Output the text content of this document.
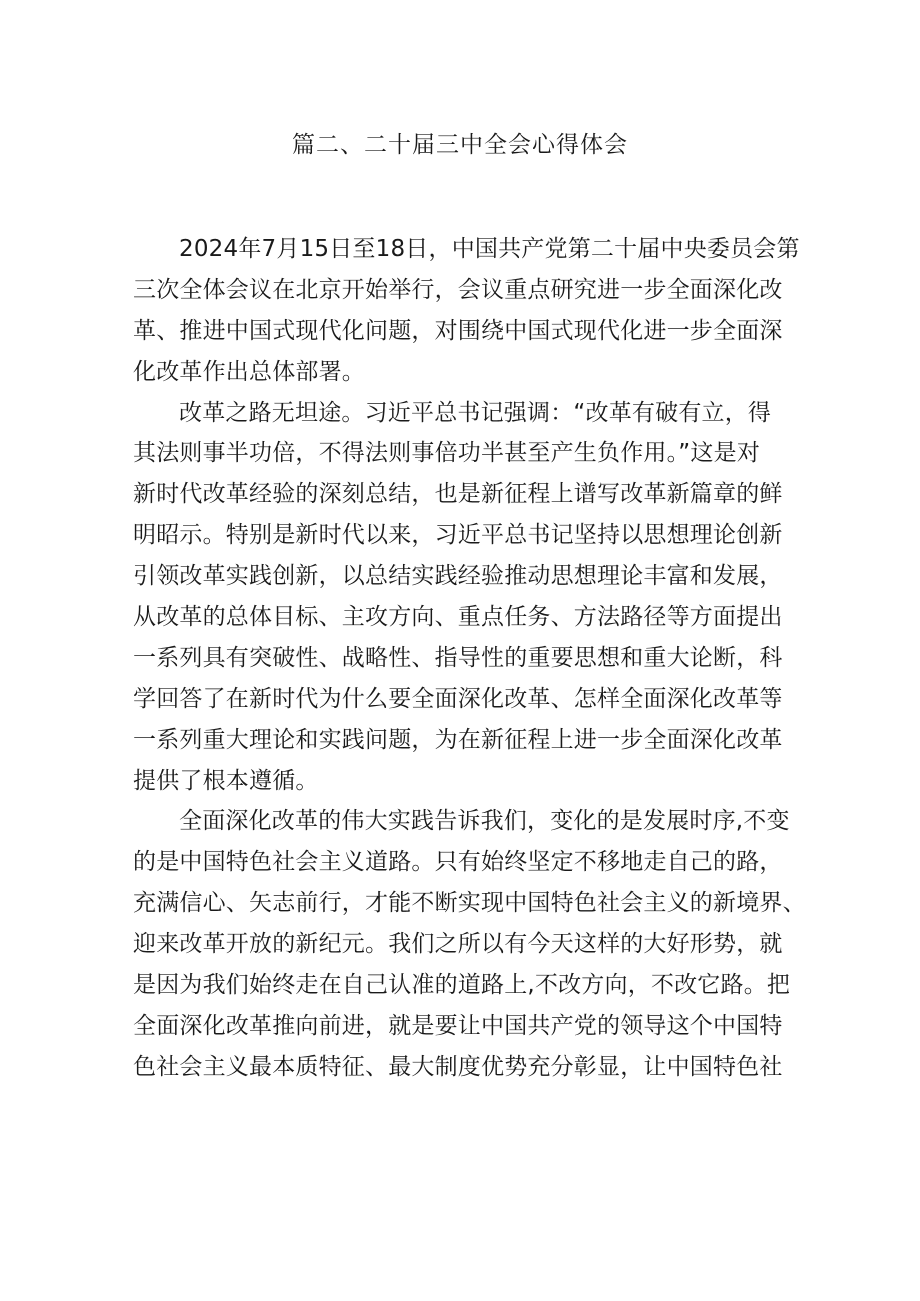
篇二、二十届三中全会心得体会
2024年7月15日至18日，中国共产党第二十届中央委员会第
三次全体会议在北京开始举行，会议重点研究进一步全面深化改
革、推进中国式现代化问题，对围绕中国式现代化进一步全面深
化改革作出总体部署。
改革之路无坦途。习近平总书记强调：“改革有破有立，得
其法则事半功倍，不得法则事倍功半甚至产生负作用。”这是对
新时代改革经验的深刻总结，也是新征程上谱写改革新篇章的鲜
明昭示。特别是新时代以来，习近平总书记坚持以思想理论创新
引领改革实践创新，以总结实践经验推动思想理论丰富和发展，
从改革的总体目标、主攻方向、重点任务、方法路径等方面提出
一系列具有突破性、战略性、指导性的重要思想和重大论断，科
学回答了在新时代为什么要全面深化改革、怎样全面深化改革等
一系列重大理论和实践问题，为在新征程上进一步全面深化改革
提供了根本遵循。
全面深化改革的伟大实践告诉我们，变化的是发展时序,不变
的是中国特色社会主义道路。只有始终坚定不移地走自己的路，
充满信心、矢志前行，才能不断实现中国特色社会主义的新境界、
迎来改革开放的新纪元。我们之所以有今天这样的大好形势，就
是因为我们始终走在自己认准的道路上,不改方向，不改它路。把
全面深化改革推向前进，就是要让中国共产党的领导这个中国特
色社会主义最本质特征、最大制度优势充分彰显，让中国特色社
